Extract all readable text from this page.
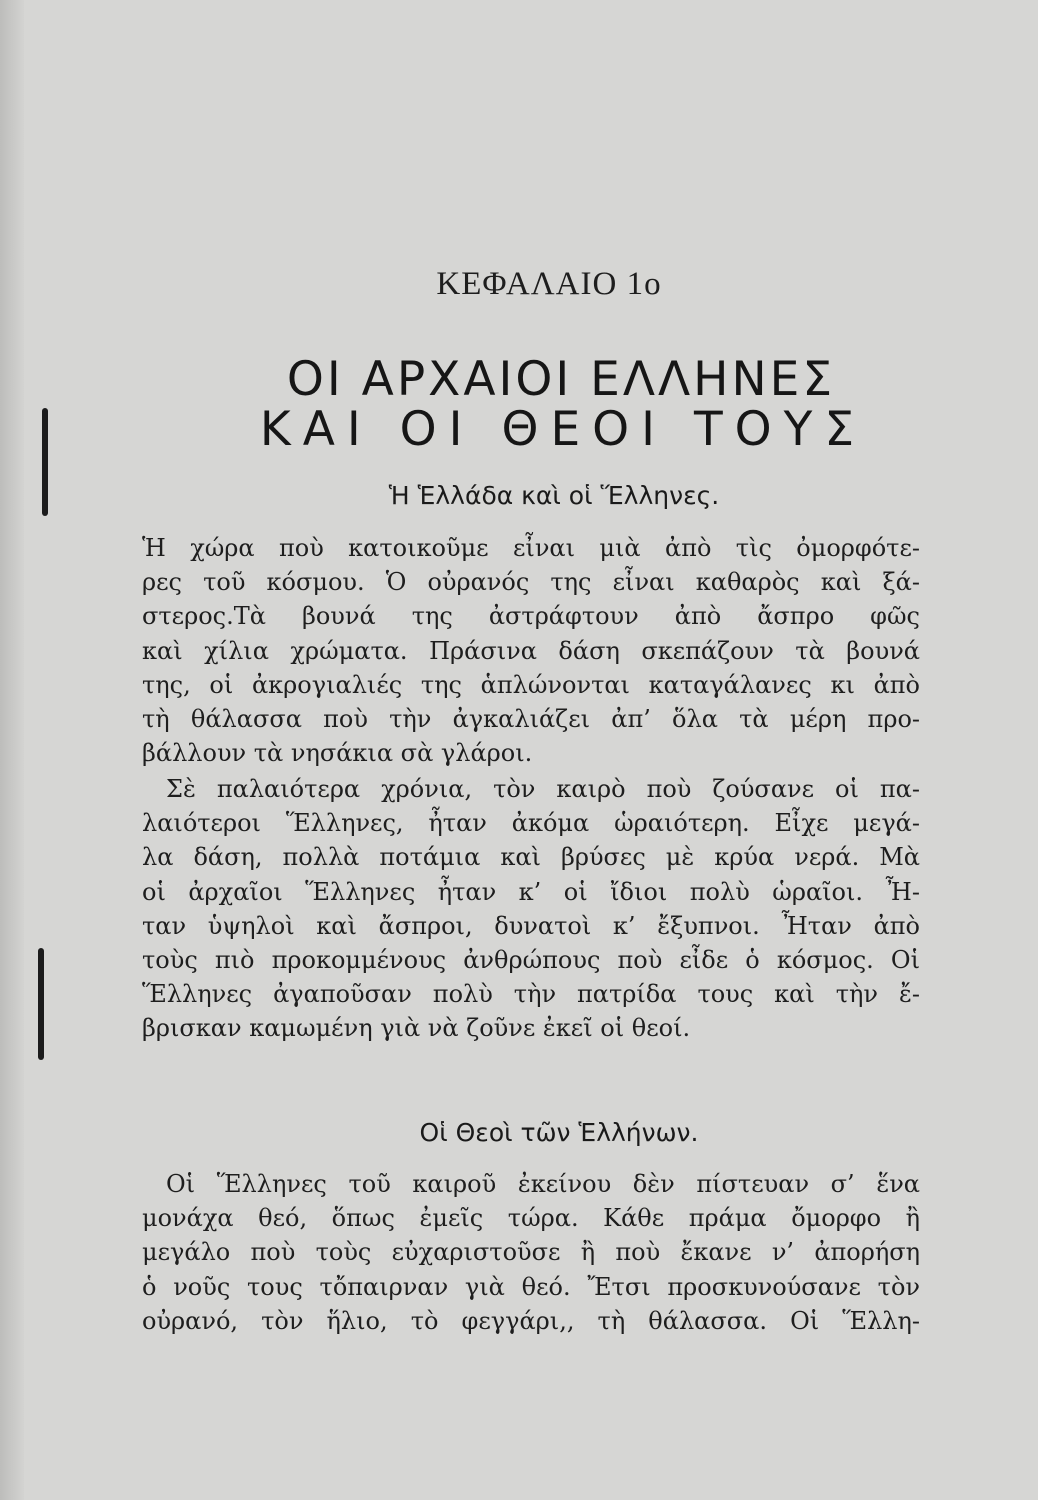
ΚΕΦΑΛΑΙΟ 1ο
ΟΙ ΑΡΧΑΙΟΙ ΕΛΛΗΝΕΣ
ΚΑΙ ΟΙ ΘΕΟΙ ΤΟΥΣ
Ἡ Ἑλλάδα καὶ οἱ Ἕλληνες.
Ἡ χώρα ποὺ κατοικοῦμε εἶναι μιὰ ἀπὸ τὶς ὀμορφότε-
ρες τοῦ κόσμου. Ὁ οὐρανός της εἶναι καθαρὸς καὶ ξά-
στερος.Τὰ βουνά της ἀστράφτουν ἀπὸ ἄσπρο φῶς
καὶ χίλια χρώματα. Πράσινα δάση σκεπάζουν τὰ βουνά
της, οἱ ἀκρογιαλιές της ἁπλώνονται καταγάλανες κι ἀπὸ
τὴ θάλασσα ποὺ τὴν ἀγκαλιάζει ἀπ’ ὅλα τὰ μέρη προ-
βάλλουν τὰ νησάκια σὰ γλάροι.
Σὲ παλαιότερα χρόνια, τὸν καιρὸ ποὺ ζούσανε οἱ πα-
λαιότεροι Ἕλληνες, ἦταν ἀκόμα ὡραιότερη. Εἶχε μεγά-
λα δάση, πολλὰ ποτάμια καὶ βρύσες μὲ κρύα νερά. Μὰ
οἱ ἀρχαῖοι Ἕλληνες ἦταν κ’ οἱ ἴδιοι πολὺ ὡραῖοι. Ἦ-
ταν ὑψηλοὶ καὶ ἄσπροι, δυνατοὶ κ’ ἔξυπνοι. Ἦταν ἀπὸ
τοὺς πιὸ προκομμένους ἀνθρώπους ποὺ εἶδε ὁ κόσμος. Οἱ
Ἕλληνες ἀγαποῦσαν πολὺ τὴν πατρίδα τους καὶ τὴν ἔ-
βρισκαν καμωμένη γιὰ νὰ ζοῦνε ἐκεῖ οἱ θεοί.
Οἱ Θεοὶ τῶν Ἑλλήνων.
Οἱ Ἕλληνες τοῦ καιροῦ ἐκείνου δὲν πίστευαν σ’ ἕνα
μονάχα θεό, ὅπως ἐμεῖς τώρα. Κάθε πράμα ὄμορφο ἢ
μεγάλο ποὺ τοὺς εὐχαριστοῦσε ἢ ποὺ ἔκανε ν’ ἀπορήση
ὁ νοῦς τους τὄπαιρναν γιὰ θεό. Ἔτσι προσκυνούσανε τὸν
οὐρανό, τὸν ἥλιο, τὸ φεγγάρι,, τὴ θάλασσα. Οἱ Ἕλλη-
